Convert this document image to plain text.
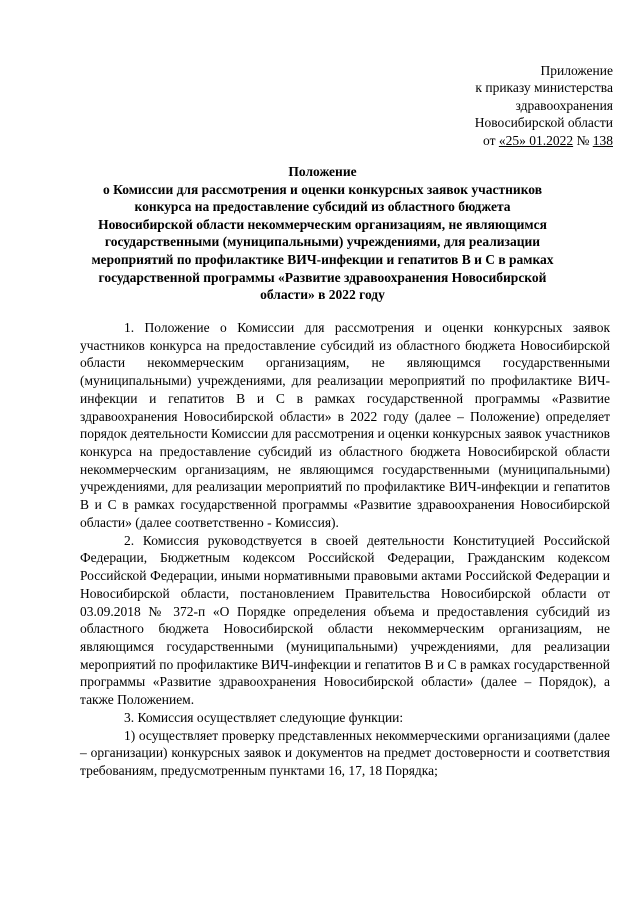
Приложение
к приказу министерства
здравоохранения
Новосибирской области
от «25» 01.2022 № 138
Положение
о Комиссии для рассмотрения и оценки конкурсных заявок участников
конкурса на предоставление субсидий из областного бюджета
Новосибирской области некоммерческим организациям, не являющимся
государственными (муниципальными) учреждениями, для реализации
мероприятий по профилактике ВИЧ-инфекции и гепатитов В и С в рамках
государственной программы «Развитие здравоохранения Новосибирской
области» в 2022 году

1. Положение о Комиссии для рассмотрения и оценки конкурсных заявок участников конкурса на предоставление субсидий из областного бюджета Новосибирской области некоммерческим организациям, не являющимся государственными (муниципальными) учреждениями, для реализации мероприятий по профилактике ВИЧ-инфекции и гепатитов В и С в рамках государственной программы «Развитие здравоохранения Новосибирской области» в 2022 году (далее – Положение) определяет порядок деятельности Комиссии для рассмотрения и оценки конкурсных заявок участников конкурса на предоставление субсидий из областного бюджета Новосибирской области некоммерческим организациям, не являющимся государственными (муниципальными) учреждениями, для реализации мероприятий по профилактике ВИЧ-инфекции и гепатитов В и С в рамках государственной программы «Развитие здравоохранения Новосибирской области» (далее соответственно - Комиссия).

2. Комиссия руководствуется в своей деятельности Конституцией Российской Федерации, Бюджетным кодексом Российской Федерации, Гражданским кодексом Российской Федерации, иными нормативными правовыми актами Российской Федерации и Новосибирской области, постановлением Правительства Новосибирской области от 03.09.2018 № 372-п «О Порядке определения объема и предоставления субсидий из областного бюджета Новосибирской области некоммерческим организациям, не являющимся государственными (муниципальными) учреждениями, для реализации мероприятий по профилактике ВИЧ-инфекции и гепатитов В и С в рамках государственной программы «Развитие здравоохранения Новосибирской области» (далее – Порядок), а также Положением.

3. Комиссия осуществляет следующие функции:

1) осуществляет проверку представленных некоммерческими организациями (далее – организации) конкурсных заявок и документов на предмет достоверности и соответствия требованиям, предусмотренным пунктами 16, 17, 18 Порядка;
